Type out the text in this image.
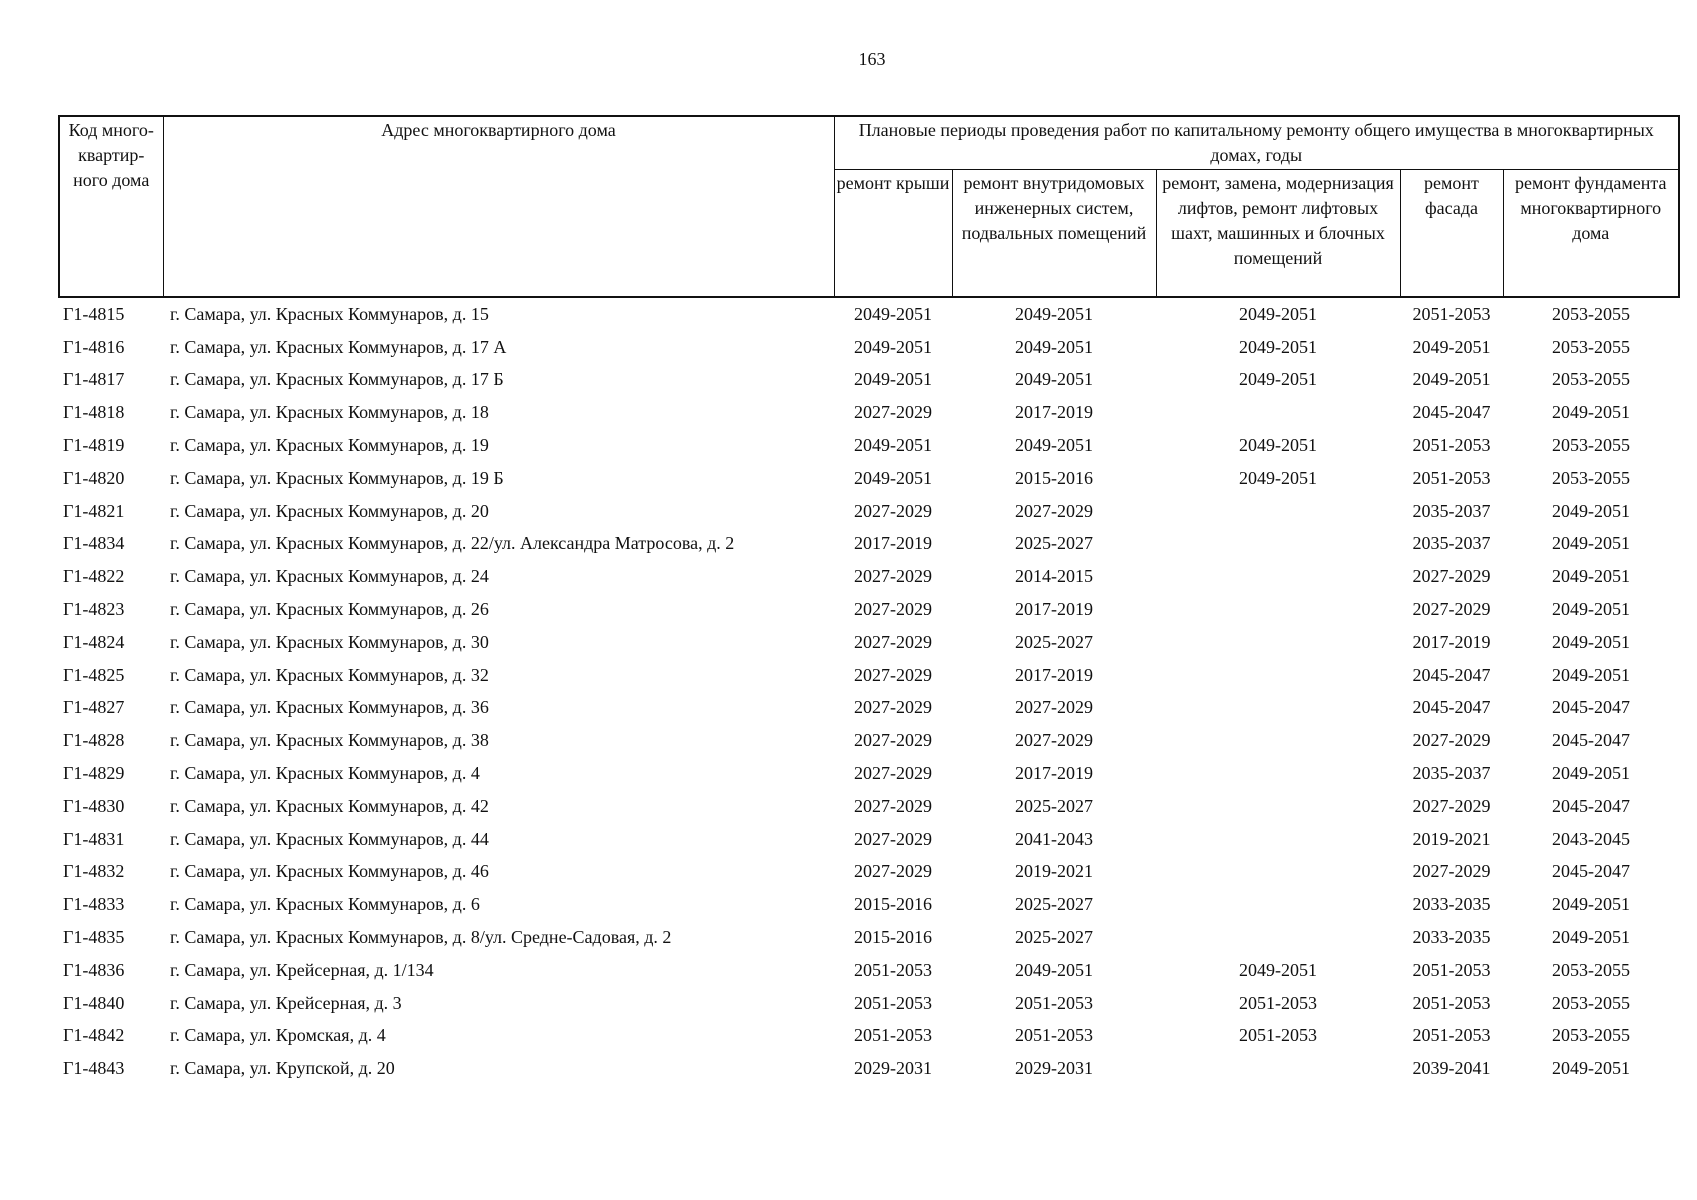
163
Код много-квартир-ного дома	Адрес многоквартирного дома	Плановые периоды проведения работ по капитальному ремонту общего имущества в многоквартирных домах, годы				

		ремонт крыши	ремонт внутридомовых инженерных систем, подвальных помещений	ремонт, замена, модернизация лифтов, ремонт лифтовых шахт, машинных и блочных помещений	ремонт фасада	ремонт фундамента многоквартирного дома
Г1-4815	г. Самара, ул. Красных Коммунаров, д. 15	2049-2051	2049-2051	2049-2051	2051-2053	2053-2055
Г1-4816	г. Самара, ул. Красных Коммунаров, д. 17 А	2049-2051	2049-2051	2049-2051	2049-2051	2053-2055
Г1-4817	г. Самара, ул. Красных Коммунаров, д. 17 Б	2049-2051	2049-2051	2049-2051	2049-2051	2053-2055
Г1-4818	г. Самара, ул. Красных Коммунаров, д. 18	2027-2029	2017-2019		2045-2047	2049-2051
Г1-4819	г. Самара, ул. Красных Коммунаров, д. 19	2049-2051	2049-2051	2049-2051	2051-2053	2053-2055
Г1-4820	г. Самара, ул. Красных Коммунаров, д. 19 Б	2049-2051	2015-2016	2049-2051	2051-2053	2053-2055
Г1-4821	г. Самара, ул. Красных Коммунаров, д. 20	2027-2029	2027-2029		2035-2037	2049-2051
Г1-4834	г. Самара, ул. Красных Коммунаров, д. 22/ул. Александра Матросова, д. 2	2017-2019	2025-2027		2035-2037	2049-2051
Г1-4822	г. Самара, ул. Красных Коммунаров, д. 24	2027-2029	2014-2015		2027-2029	2049-2051
Г1-4823	г. Самара, ул. Красных Коммунаров, д. 26	2027-2029	2017-2019		2027-2029	2049-2051
Г1-4824	г. Самара, ул. Красных Коммунаров, д. 30	2027-2029	2025-2027		2017-2019	2049-2051
Г1-4825	г. Самара, ул. Красных Коммунаров, д. 32	2027-2029	2017-2019		2045-2047	2049-2051
Г1-4827	г. Самара, ул. Красных Коммунаров, д. 36	2027-2029	2027-2029		2045-2047	2045-2047
Г1-4828	г. Самара, ул. Красных Коммунаров, д. 38	2027-2029	2027-2029		2027-2029	2045-2047
Г1-4829	г. Самара, ул. Красных Коммунаров, д. 4	2027-2029	2017-2019		2035-2037	2049-2051
Г1-4830	г. Самара, ул. Красных Коммунаров, д. 42	2027-2029	2025-2027		2027-2029	2045-2047
Г1-4831	г. Самара, ул. Красных Коммунаров, д. 44	2027-2029	2041-2043		2019-2021	2043-2045
Г1-4832	г. Самара, ул. Красных Коммунаров, д. 46	2027-2029	2019-2021		2027-2029	2045-2047
Г1-4833	г. Самара, ул. Красных Коммунаров, д. 6	2015-2016	2025-2027		2033-2035	2049-2051
Г1-4835	г. Самара, ул. Красных Коммунаров, д. 8/ул. Средне-Садовая, д. 2	2015-2016	2025-2027		2033-2035	2049-2051
Г1-4836	г. Самара, ул. Крейсерная, д. 1/134	2051-2053	2049-2051	2049-2051	2051-2053	2053-2055
Г1-4840	г. Самара, ул. Крейсерная, д. 3	2051-2053	2051-2053	2051-2053	2051-2053	2053-2055
Г1-4842	г. Самара, ул. Кромская, д. 4	2051-2053	2051-2053	2051-2053	2051-2053	2053-2055
Г1-4843	г. Самара, ул. Крупской, д. 20	2029-2031	2029-2031		2039-2041	2049-2051
